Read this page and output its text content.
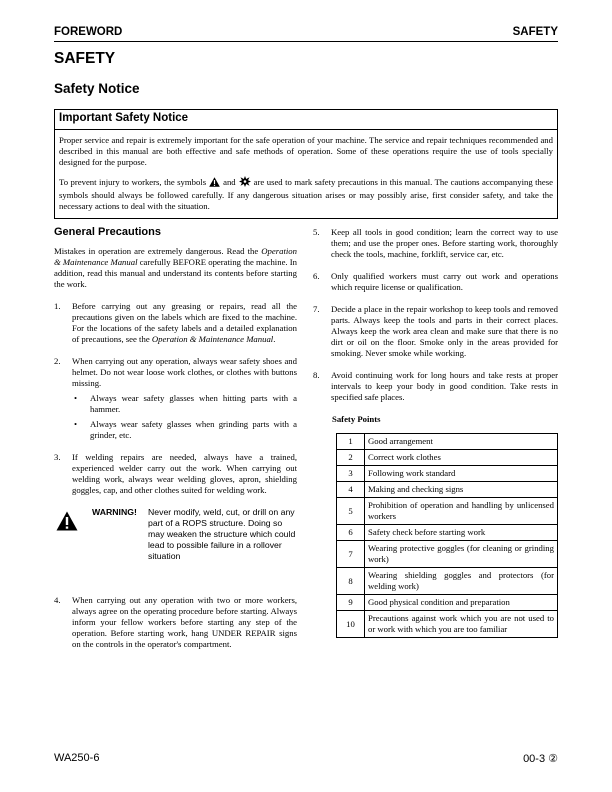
FOREWORD	SAFETY
SAFETY
Safety Notice
Important Safety Notice

Proper service and repair is extremely important for the safe operation of your machine. The service and repair techniques recommended and described in this manual are both effective and safe methods of operation. Some of these operations require the use of tools specially designed for the purpose.

To prevent injury to workers, the symbols and are used to mark safety precautions in this manual. The cautions accompanying these symbols should always be followed carefully. If any dangerous situation arises or may possibly arise, first consider safety, and take the necessary actions to deal with the situation.

General Precautions
Mistakes in operation are extremely dangerous. Read the Operation & Maintenance Manual carefully BEFORE operating the machine. In addition, read this manual and understand its contents before starting the work.
1. Before carrying out any greasing or repairs, read all the precautions given on the labels which are fixed to the machine. For the locations of the safety labels and a detailed explanation of precautions, see the Operation & Maintenance Manual.
2. When carrying out any operation, always wear safety shoes and helmet. Do not wear loose work clothes, or clothes with buttons missing.
• Always wear safety glasses when hitting parts with a hammer.
• Always wear safety glasses when grinding parts with a grinder, etc.
3. If welding repairs are needed, always have a trained, experienced welder carry out the work. When carrying out welding work, always wear welding gloves, apron, shielding goggles, cap, and other clothes suited for welding work.
WARNING! Never modify, weld, cut, or drill on any part of a ROPS structure. Doing so may weaken the structure which could lead to possible failure in a rollover situation
4. When carrying out any operation with two or more workers, always agree on the operating procedure before starting. Always inform your fellow workers before starting any step of the operation. Before starting work, hang UNDER REPAIR signs on the controls in the operator's compartment.
5. Keep all tools in good condition; learn the correct way to use them; and use the proper ones. Before starting work, thoroughly check the tools, machine, forklift, service car, etc.
6. Only qualified workers must carry out work and operations which require license or qualification.
7. Decide a place in the repair workshop to keep tools and removed parts. Always keep the tools and parts in their correct places. Always keep the work area clean and make sure that there is no dirt or oil on the floor. Smoke only in the areas provided for smoking. Never smoke while working.
8. Avoid continuing work for long hours and take rests at proper intervals to keep your body in good condition. Take rests in specified safe places.
Safety Points
1	Good arrangement
2	Correct work clothes
3	Following work standard
4	Making and checking signs
5	Prohibition of operation and handling by unlicensed workers
6	Safety check before starting work
7	Wearing protective goggles (for cleaning or grinding work)
8	Wearing shielding goggles and protectors (for welding work)
9	Good physical condition and preparation
10	Precautions against work which you are not used to or work with which you are too familiar
WA250-6	00-3 ②
